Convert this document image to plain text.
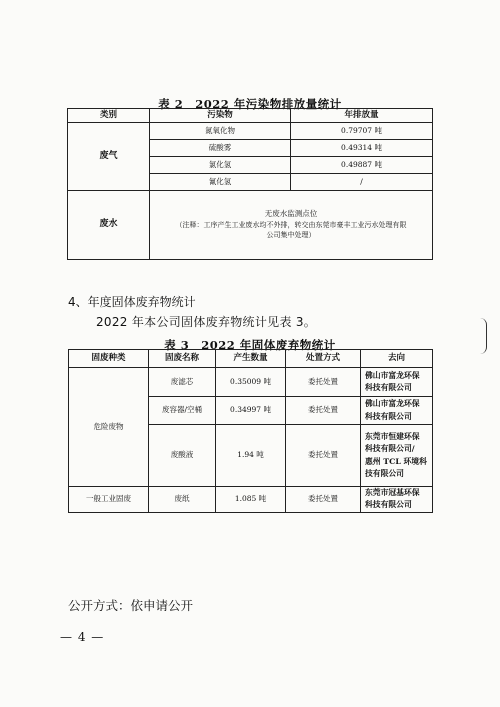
表 2　2022 年污染物排放量统计
类别	污染物	年排放量
废气	氮氧化物	0.79707 吨
	硫酸雾	0.49314 吨
	氯化氢	0.49887 吨
	氰化氢	/
废水	无废水监测点位
（注释：工序产生工业废水均不外排，转交由东莞市豪丰工业污水处理有限
公司集中处理）	
4、年度固体废弃物统计
2022 年本公司固体废弃物统计见表 3。
表 3　2022 年固体废弃物统计
固废种类	固废名称	产生数量	处置方式	去向
危险废物	废滤芯	0.35009 吨	委托处置	佛山市富龙环保
科技有限公司

	废容器/空桶	0.34997 吨	委托处置	佛山市富龙环保
科技有限公司

	废酸液	1.94 吨	委托处置	东莞市恒建环保
科技有限公司/
惠州 TCL 环境科
技有限公司

一般工业固废	废纸	1.085 吨	委托处置	东莞市冠基环保
科技有限公司
公开方式：依申请公开
— 4 —
